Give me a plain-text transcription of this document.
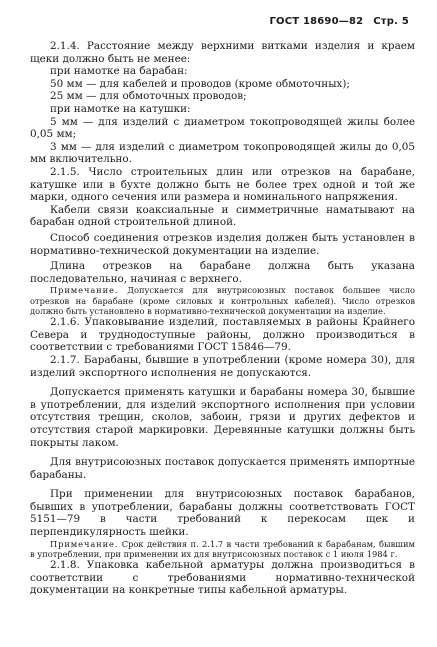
ГОСТ 18690—82 Стр. 5

2.1.4. Расстояние между верхними витками изделия и краем щеки должно быть не менее:

при намотке на барабан:

50 мм — для кабелей и проводов (кроме обмоточных);

25 мм — для обмоточных проводов;

при намотке на катушки:

5 мм — для изделий с диаметром токопроводящей жилы более 0,05 мм;

3 мм — для изделий с диаметром токопроводящей жилы до 0,05 мм включительно.

2.1.5. Число строительных длин или отрезков на барабане, катушке или в бухте должно быть не более трех одной и той же марки, одного сечения или размера и номинального напряжения.

Кабели связи коаксиальные и симметричные наматывают на барабан одной строительной длиной.

Способ соединения отрезков изделия должен быть установлен в нормативно-технической документации на изделие.

Длина отрезков на барабане должна быть указана последовательно, начиная с верхнего.

Примечание. Допускается для внутрисоюзных поставок большее число отрезков на барабане (кроме силовых и контрольных кабелей). Число отрезков должно быть установлено в нормативно-технической документации на изделие.

2.1.6. Упаковывание изделий, поставляемых в районы Крайнего Севера и труднодоступные районы, должно производиться в соответствии с требованиями ГОСТ 15846—79.

2.1.7. Барабаны, бывшие в употреблении (кроме номера 30), для изделий экспортного исполнения не допускаются.

Допускается применять катушки и барабаны номера 30, бывшие в употреблении, для изделий экспортного исполнения при условии отсутствия трещин, сколов, забоин, грязи и других дефектов и отсутствия старой маркировки. Деревянные катушки должны быть покрыты лаком.

Для внутрисоюзных поставок допускается применять импортные барабаны.

При применении для внутрисоюзных поставок барабанов, бывших в употреблении, барабаны должны соответствовать ГОСТ 5151—79 в части требований к перекосам щек и перпендикулярность шейки.

Примечание. Срок действия п. 2.1.7 в части требований к барабанам, бывшим в употреблении, при применении их для внутрисоюзных поставок с 1 июля 1984 г.

2.1.8. Упаковка кабельной арматуры должна производиться в соответствии с требованиями нормативно-технической документации на конкретные типы кабельной арматуры.
